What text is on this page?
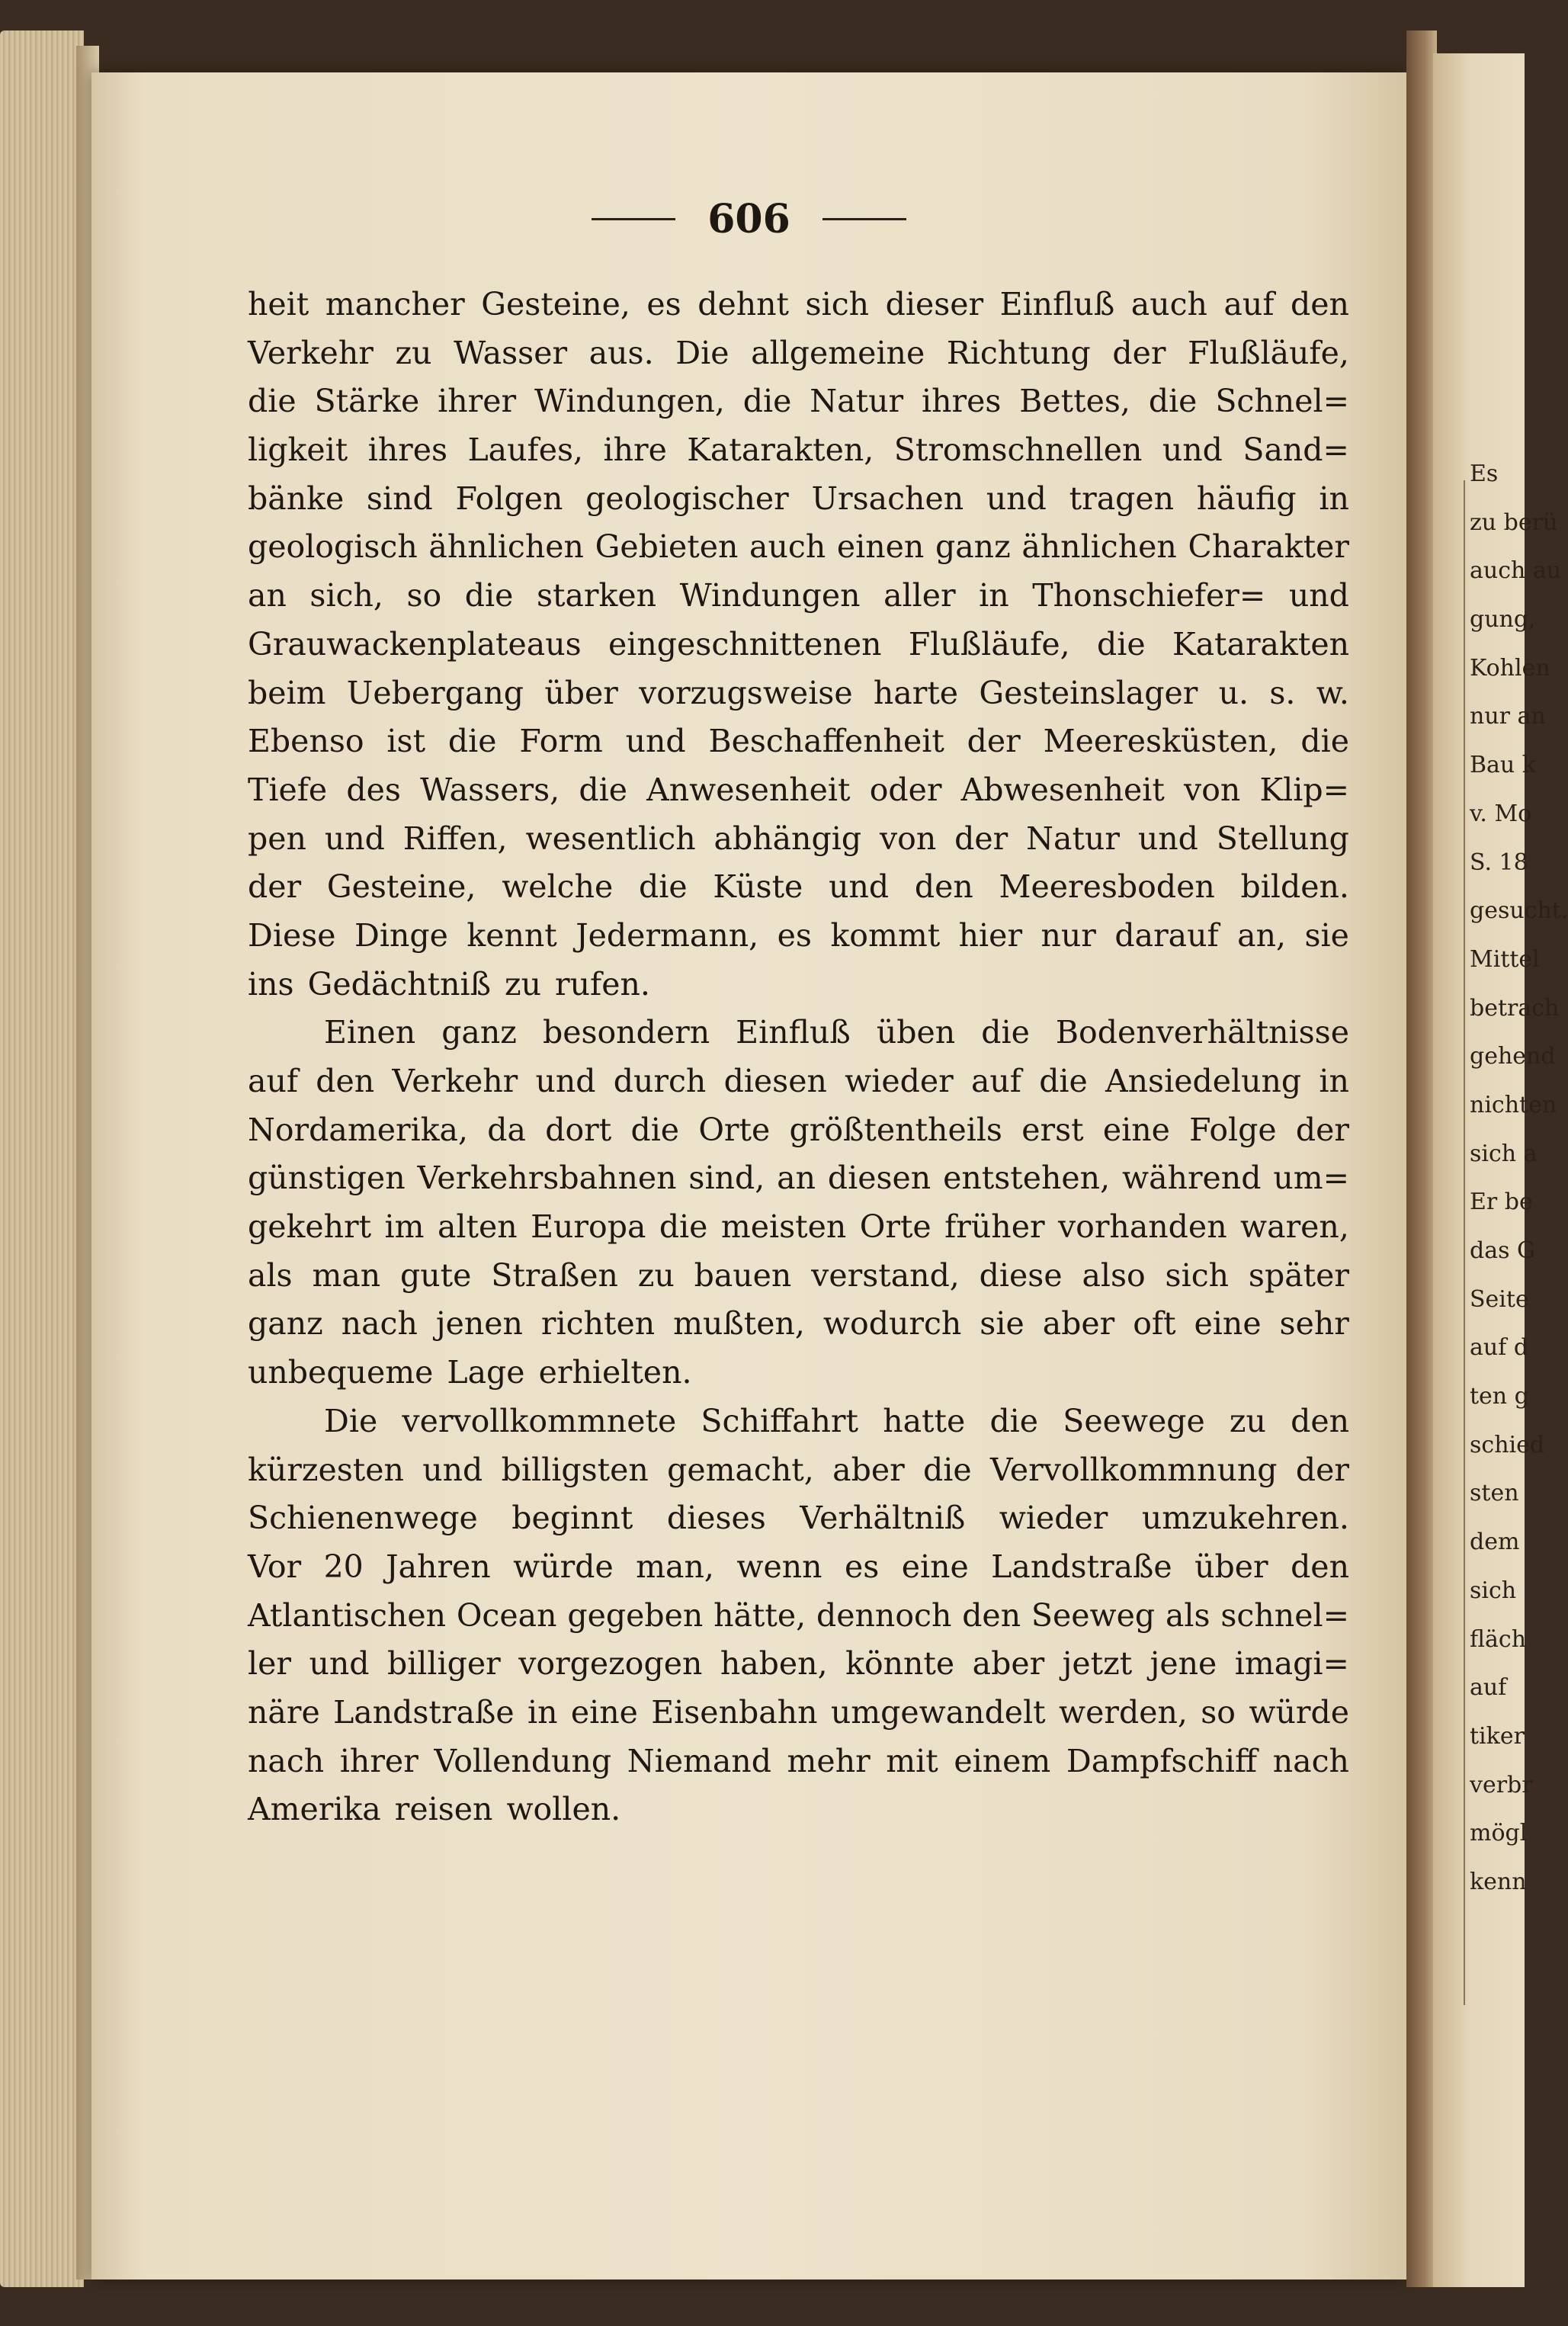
606
heit mancher Gesteine, es dehnt sich dieser Einfluß auch auf den
Verkehr zu Wasser aus. Die allgemeine Richtung der Flußläufe,
die Stärke ihrer Windungen, die Natur ihres Bettes, die Schnel=
ligkeit ihres Laufes, ihre Katarakten, Stromschnellen und Sand=
bänke sind Folgen geologischer Ursachen und tragen häufig in
geologisch ähnlichen Gebieten auch einen ganz ähnlichen Charakter
an sich, so die starken Windungen aller in Thonschiefer= und
Grauwackenplateaus eingeschnittenen Flußläufe, die Katarakten
beim Uebergang über vorzugsweise harte Gesteinslager u. s. w.
Ebenso ist die Form und Beschaffenheit der Meeresküsten, die
Tiefe des Wassers, die Anwesenheit oder Abwesenheit von Klip=
pen und Riffen, wesentlich abhängig von der Natur und Stellung
der Gesteine, welche die Küste und den Meeresboden bilden.
Diese Dinge kennt Jedermann, es kommt hier nur darauf an, sie
ins Gedächtniß zu rufen.
Einen ganz besondern Einfluß üben die Bodenverhältnisse
auf den Verkehr und durch diesen wieder auf die Ansiedelung in
Nordamerika, da dort die Orte größtentheils erst eine Folge der
günstigen Verkehrsbahnen sind, an diesen entstehen, während um=
gekehrt im alten Europa die meisten Orte früher vorhanden waren,
als man gute Straßen zu bauen verstand, diese also sich später
ganz nach jenen richten mußten, wodurch sie aber oft eine sehr
unbequeme Lage erhielten.
Die vervollkommnete Schiffahrt hatte die Seewege zu den
kürzesten und billigsten gemacht, aber die Vervollkommnung der
Schienenwege beginnt dieses Verhältniß wieder umzukehren.
Vor 20 Jahren würde man, wenn es eine Landstraße über den
Atlantischen Ocean gegeben hätte, dennoch den Seeweg als schnel=
ler und billiger vorgezogen haben, könnte aber jetzt jene imagi=
näre Landstraße in eine Eisenbahn umgewandelt werden, so würde
nach ihrer Vollendung Niemand mehr mit einem Dampfschiff nach
Amerika reisen wollen.
Es
zu berü
auch au
gung,
Kohlen
nur an
Bau k
v. Mo
S. 18
gesucht.
Mittel
betrach
gehend
nichten
sich a
Er be
das G
Seite
auf d
ten g
schied
sten
dem
sich
fläch
auf
tiker
verbr
mögl
kenn
